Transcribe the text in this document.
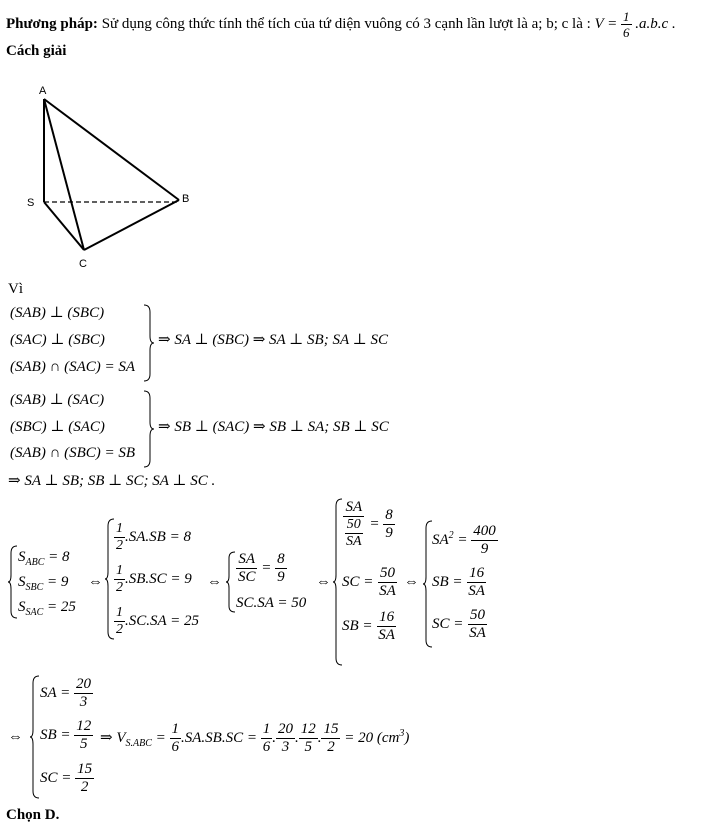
Phương pháp: Sử dụng công thức tính thể tích của tứ diện vuông có 3 cạnh lần lượt là a; b; c là : $V = \frac{1}{6} .a.b.c$ .
Cách giải
A
S	B
C
Vì
(SAB) ⊥ (SBC)
(SAC) ⊥ (SBC)
(SAB) ∩ (SAC) = SA
⇒ SA ⊥ (SBC) ⇒ SA ⊥ SB; SA ⊥ SC
(SAB) ⊥ (SAC)
(SBC) ⊥ (SAC)
(SAB) ∩ (SBC) = SB
⇒ SB ⊥ (SAC) ⇒ SB ⊥ SA; SB ⊥ SC
⇒ SA ⊥ SB; SB ⊥ SC; SA ⊥ SC .
$S_{ABC} = 8$
$S_{SBC} = 9$
$S_{SAC} = 25$
⇔
$\frac{1}{2} .SA.SB = 8$
$\frac{1}{2} .SB.SC = 9$
$\frac{1}{2} .SC.SA = 25$
⇔ $\frac{SA}{SC} = \frac{8}{9}$
SC.SA = 50
⇔
$\frac{SA}{\frac{50}{SA}} = \frac{8}{9}$
SC = $\frac{50}{SA}$
SB = $\frac{16}{SA}$
⇔
$SA^2 = \frac{400}{9}$
SB = $\frac{16}{SA}$
SC = $\frac{50}{SA}$
⇔
SA = $\frac{20}{3}$
SB = $\frac{12}{5}$
SC = $\frac{15}{2}$
⇒ $V_{S.ABC} = \frac{1}{6} .SA.SB.SC = \frac{1}{6}$ . $\frac{20}{3}$ . $\frac{12}{5}$ . $\frac{15}{2} = 20$ $(cm^3)$
Chọn D.
